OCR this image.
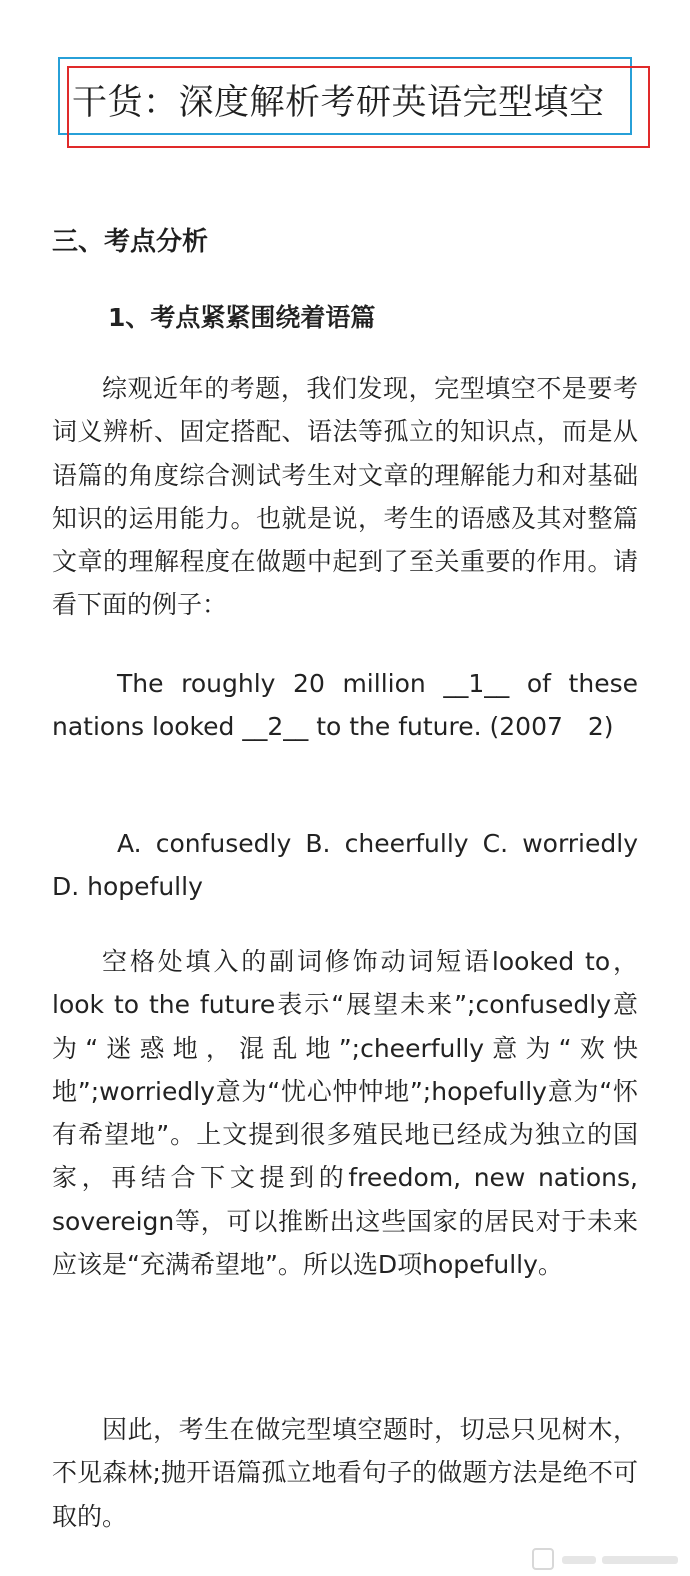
干货：深度解析考研英语完型填空
三、考点分析
1、考点紧紧围绕着语篇

综观近年的考题，我们发现，完型填空不是要考词义辨析、固定搭配、语法等孤立的知识点，而是从语篇的角度综合测试考生对文章的理解能力和对基础知识的运用能力。也就是说，考生的语感及其对整篇文章的理解程度在做题中起到了至关重要的作用。请看下面的例子：

The roughly 20 million __1__ of these nations looked __2__ to the future. (2007　2)

A. confusedly B. cheerfully C. worriedly D. hopefully

空格处填入的副词修饰动词短语looked to，look to the future表示“展望未来”;confusedly意为“迷惑地，混乱地”;cheerfully意为“欢快地”;worriedly意为“忧心忡忡地”;hopefully意为“怀有希望地”。上文提到很多殖民地已经成为独立的国家，再结合下文提到的freedom, new nations, sovereign等，可以推断出这些国家的居民对于未来应该是“充满希望地”。所以选D项hopefully。

因此，考生在做完型填空题时，切忌只见树木，不见森林;抛开语篇孤立地看句子的做题方法是绝不可取的。
